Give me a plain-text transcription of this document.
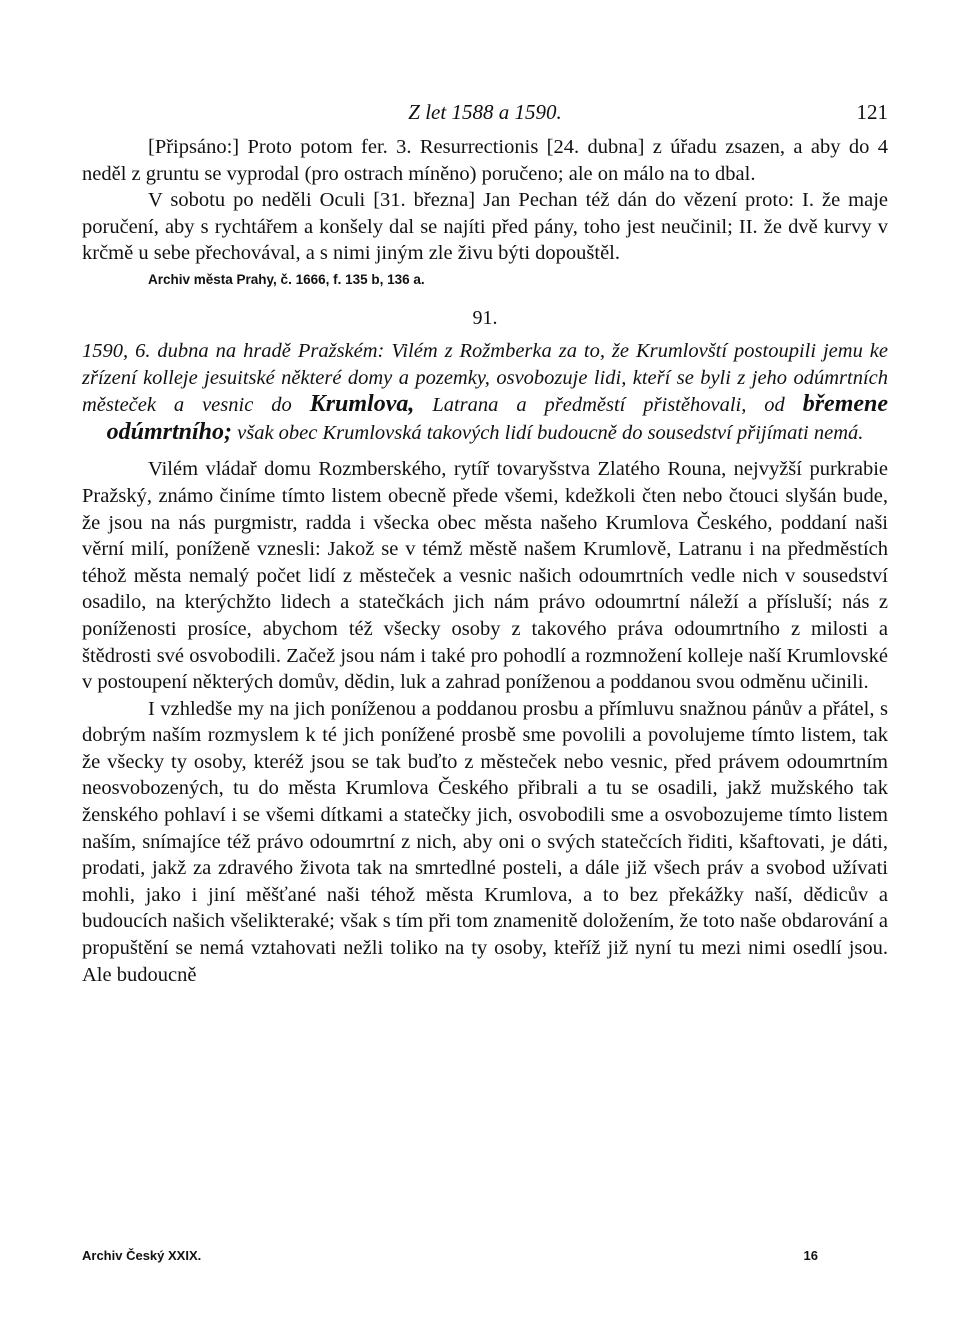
Z let 1588 a 1590.	121

[Připsáno:] Proto potom fer. 3. Resurrectionis [24. dubna] z úřadu zsazen, a aby do 4 neděl z gruntu se vyprodal (pro ostrach míněno) poručeno; ale on málo na to dbal.

V sobotu po neděli Oculi [31. března] Jan Pechan též dán do vězení proto: I. že maje poručení, aby s rychtářem a konšely dal se najíti před pány, toho jest neučinil; II. že dvě kurvy v krčmě u sebe přechovával, a s nimi jiným zle živu býti dopouštěl.

Archiv města Prahy, č. 1666, f. 135 b, 136 a.
91.

1590, 6. dubna na hradě Pražském: Vilém z Rožmberka za to, že Krumlovští postoupili jemu ke zřízení kolleje jesuitské některé domy a pozemky, osvobozuje lidi, kteří se byli z jeho odúmrtních městeček a vesnic do Krumlova, Latrana a předměstí přistěhovali, od břemene odúmrtního; však obec Krumlovská takových lidí budoucně do sousedství přijímati nemá.

Vilém vládař domu Rozmberského, rytíř tovaryšstva Zlatého Rouna, nejvyžší purkrabie Pražský, známo činíme tímto listem obecně přede všemi, kdežkoli čten nebo čtouci slyšán bude, že jsou na nás purgmistr, radda i všecka obec města našeho Krumlova Českého, poddaní naši věrní milí, poníženě vznesli: Jakož se v témž městě našem Krumlově, Latranu i na předměstích téhož města nemalý počet lidí z městeček a vesnic našich odoumrtních vedle nich v sousedství osadilo, na kterýchžto lidech a statečkách jich nám právo odoumrtní náleží a přísluší; nás z poníženosti prosíce, abychom též všecky osoby z takového práva odoumrtního z milosti a štědrosti své osvobodili. Začež jsou nám i také pro pohodlí a rozmnožení kolleje naší Krumlovské v postoupení některých domův, dědin, luk a zahrad poníženou a poddanou svou odměnu učinili.

I vzhledše my na jich poníženou a poddanou prosbu a přímluvu snažnou pánův a přátel, s dobrým naším rozmyslem k té jich ponížené prosbě sme povolili a povolujeme tímto listem, tak že všecky ty osoby, kteréž jsou se tak buďto z městeček nebo vesnic, před právem odoumrtním neosvobozených, tu do města Krumlova Českého přibrali a tu se osadili, jakž mužského tak ženského pohlaví i se všemi dítkami a statečky jich, osvobodili sme a osvobozujeme tímto listem naším, snímajíce též právo odoumrtní z nich, aby oni o svých statečcích řiditi, kšaftovati, je dáti, prodati, jakž za zdravého života tak na smrtedlné posteli, a dále již všech práv a svobod užívati mohli, jako i jiní měšťané naši téhož města Krumlova, a to bez překážky naší, dědicův a budoucích našich všelikteraké; však s tím při tom znamenitě doložením, že toto naše obdarování a propuštění se nemá vztahovati nežli toliko na ty osoby, kteříž již nyní tu mezi nimi osedlí jsou. Ale budoucně

Archiv Český XXIX.	16
